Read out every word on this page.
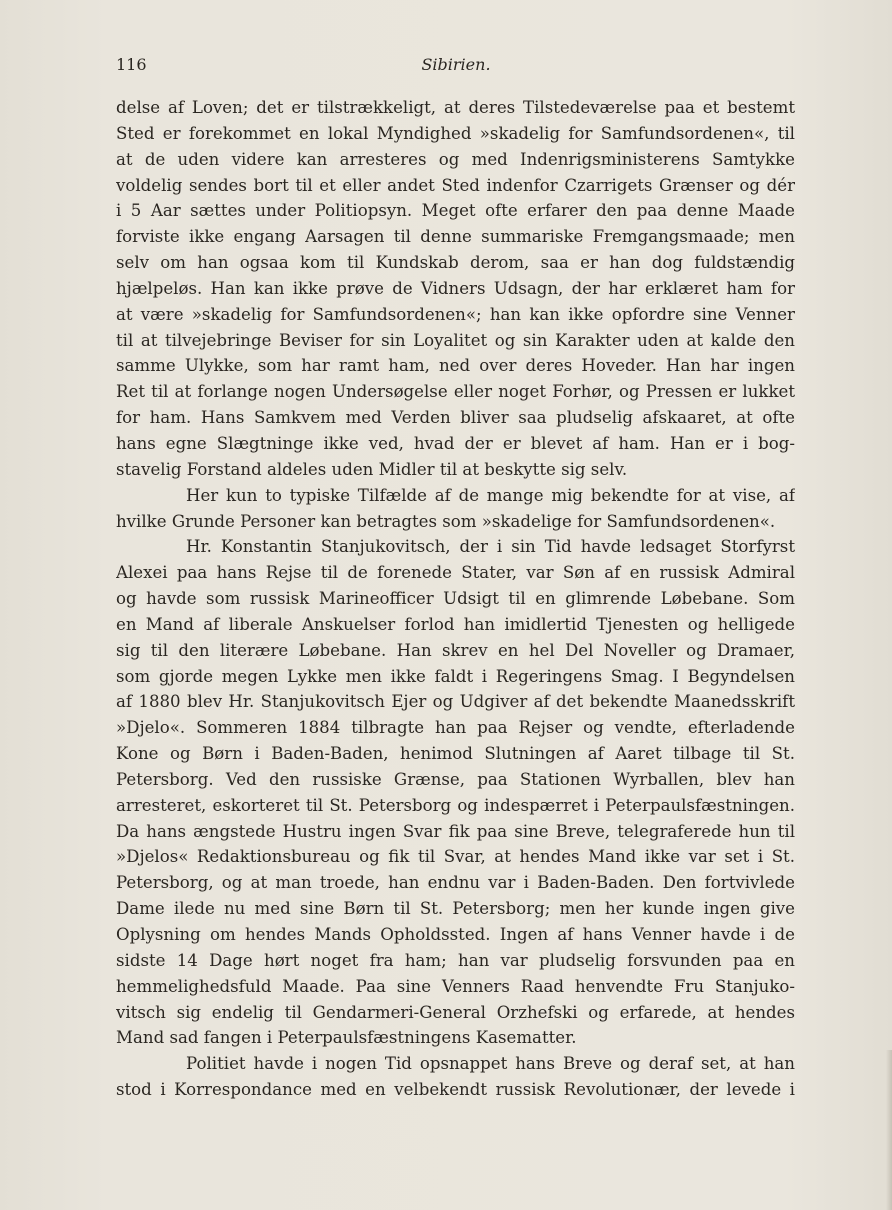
116	Sibirien.
delse af Loven; det er tilstrækkeligt, at deres Tilstedeværelse paa et bestemt
Sted er forekommet en lokal Myndighed »skadelig for Samfundsordenen«, til
at de uden videre kan arresteres og med Indenrigsministerens Samtykke
voldelig sendes bort til et eller andet Sted indenfor Czarrigets Grænser og dér
i 5 Aar sættes under Politiopsyn. Meget ofte erfarer den paa denne Maade
forviste ikke engang Aarsagen til denne summariske Fremgangsmaade; men
selv om han ogsaa kom til Kundskab derom, saa er han dog fuldstændig
hjælpeløs. Han kan ikke prøve de Vidners Udsagn, der har erklæret ham for
at være »skadelig for Samfundsordenen«; han kan ikke opfordre sine Venner
til at tilvejebringe Beviser for sin Loyalitet og sin Karakter uden at kalde den
samme Ulykke, som har ramt ham, ned over deres Hoveder. Han har ingen
Ret til at forlange nogen Undersøgelse eller noget Forhør, og Pressen er lukket
for ham. Hans Samkvem med Verden bliver saa pludselig afskaaret, at ofte
hans egne Slægtninge ikke ved, hvad der er blevet af ham. Han er i bog-
stavelig Forstand aldeles uden Midler til at beskytte sig selv.
Her kun to typiske Tilfælde af de mange mig bekendte for at vise, af
hvilke Grunde Personer kan betragtes som »skadelige for Samfundsordenen«.
Hr. Konstantin Stanjukovitsch, der i sin Tid havde ledsaget Storfyrst
Alexei paa hans Rejse til de forenede Stater, var Søn af en russisk Admiral
og havde som russisk Marineofficer Udsigt til en glimrende Løbebane. Som
en Mand af liberale Anskuelser forlod han imidlertid Tjenesten og helligede
sig til den literære Løbebane. Han skrev en hel Del Noveller og Dramaer,
som gjorde megen Lykke men ikke faldt i Regeringens Smag. I Begyndelsen
af 1880 blev Hr. Stanjukovitsch Ejer og Udgiver af det bekendte Maanedsskrift
»Djelo«. Sommeren 1884 tilbragte han paa Rejser og vendte, efterladende
Kone og Børn i Baden-Baden, henimod Slutningen af Aaret tilbage til St.
Petersborg. Ved den russiske Grænse, paa Stationen Wyrballen, blev han
arresteret, eskorteret til St. Petersborg og indespærret i Peterpaulsfæstningen.
Da hans ængstede Hustru ingen Svar fik paa sine Breve, telegraferede hun til
»Djelos« Redaktionsbureau og fik til Svar, at hendes Mand ikke var set i St.
Petersborg, og at man troede, han endnu var i Baden-Baden. Den fortvivlede
Dame ilede nu med sine Børn til St. Petersborg; men her kunde ingen give
Oplysning om hendes Mands Opholdssted. Ingen af hans Venner havde i de
sidste 14 Dage hørt noget fra ham; han var pludselig forsvunden paa en
hemmelighedsfuld Maade. Paa sine Venners Raad henvendte Fru Stanjuko-
vitsch sig endelig til Gendarmeri-General Orzhefski og erfarede, at hendes
Mand sad fangen i Peterpaulsfæstningens Kasematter.
Politiet havde i nogen Tid opsnappet hans Breve og deraf set, at han
stod i Korrespondance med en velbekendt russisk Revolutionær, der levede i
